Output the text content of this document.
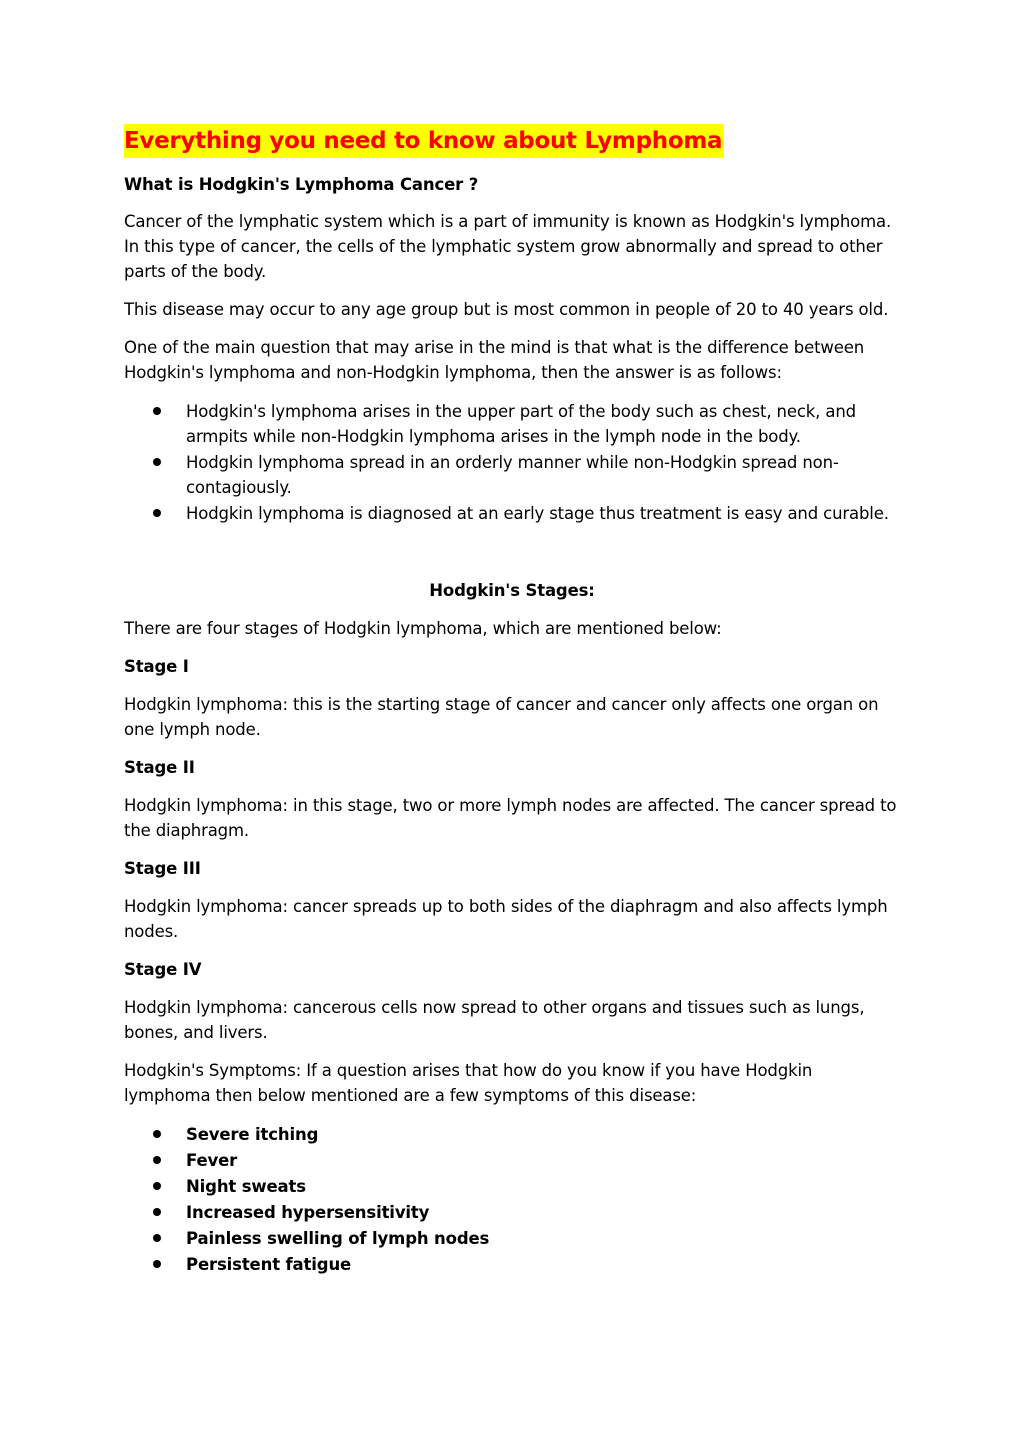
Everything you need to know about Lymphoma

What is Hodgkin's Lymphoma Cancer ?

Cancer of the lymphatic system which is a part of immunity is known as Hodgkin's lymphoma. In this type of cancer, the cells of the lymphatic system grow abnormally and spread to other parts of the body.

This disease may occur to any age group but is most common in people of 20 to 40 years old.

One of the main question that may arise in the mind is that what is the difference between Hodgkin's lymphoma and non-Hodgkin lymphoma, then the answer is as follows:

Hodgkin's lymphoma arises in the upper part of the body such as chest, neck, and armpits while non-Hodgkin lymphoma arises in the lymph node in the body.
Hodgkin lymphoma spread in an orderly manner while non-Hodgkin spread non-contagiously.
Hodgkin lymphoma is diagnosed at an early stage thus treatment is easy and curable.

Hodgkin's Stages:

There are four stages of Hodgkin lymphoma, which are mentioned below:

Stage I

Hodgkin lymphoma: this is the starting stage of cancer and cancer only affects one organ on one lymph node.

Stage II

Hodgkin lymphoma: in this stage, two or more lymph nodes are affected. The cancer spread to the diaphragm.

Stage III

Hodgkin lymphoma: cancer spreads up to both sides of the diaphragm and also affects lymph nodes.

Stage IV

Hodgkin lymphoma: cancerous cells now spread to other organs and tissues such as lungs, bones, and livers.

Hodgkin's Symptoms: If a question arises that how do you know if you have Hodgkin lymphoma then below mentioned are a few symptoms of this disease:

Severe itching
Fever
Night sweats
Increased hypersensitivity
Painless swelling of lymph nodes
Persistent fatigue
